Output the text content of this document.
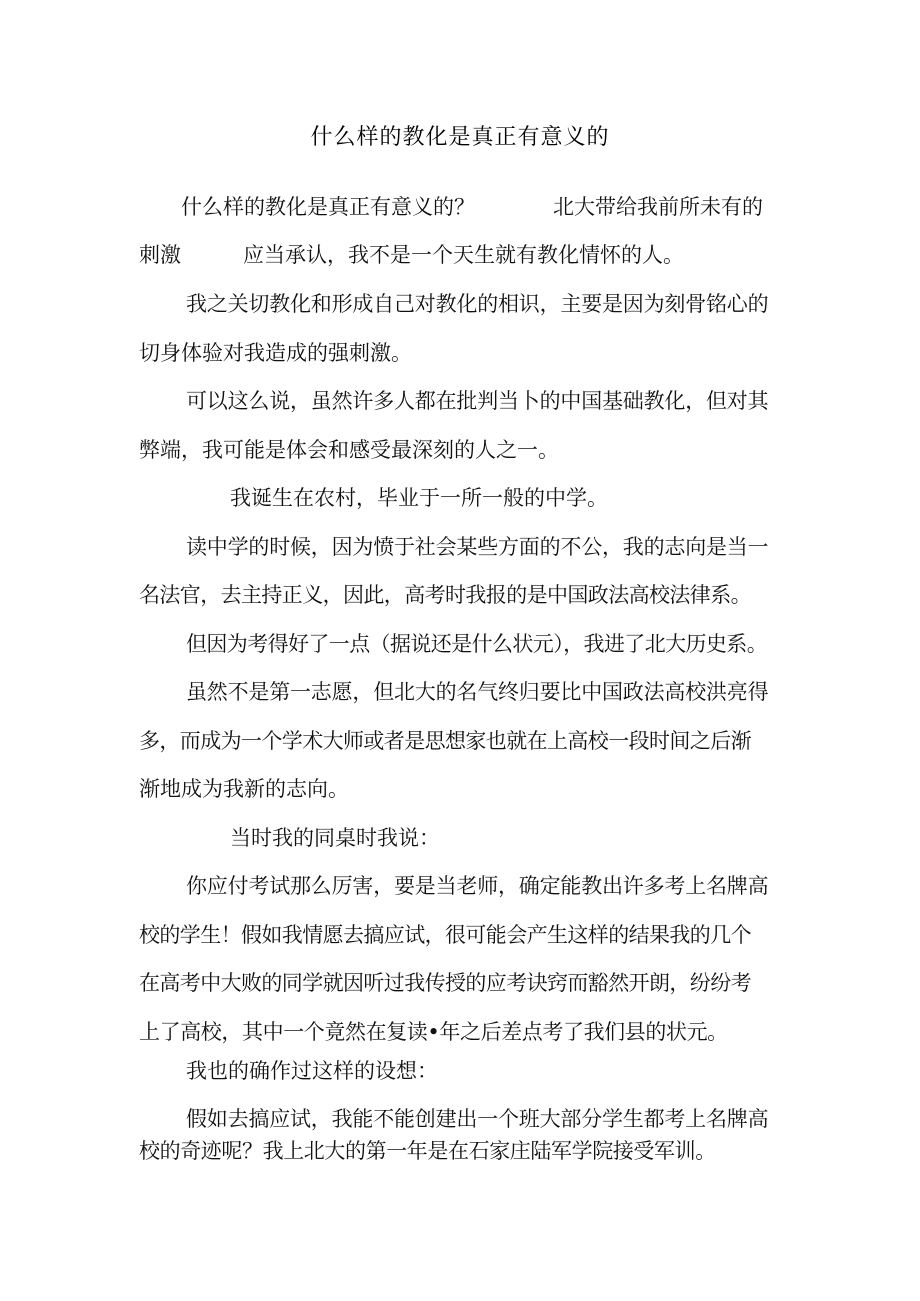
什么样的教化是真正有意义的
什么样的教化是真正有意义的？	北大带给我前所未有的
刺激	应当承认，我不是一个天生就有教化情怀的人。
我之关切教化和形成自己对教化的相识，主要是因为刻骨铭心的
切身体验对我造成的强刺激。
可以这么说，虽然许多人都在批判当卜的中国基础教化，但对其
弊端，我可能是体会和感受最深刻的人之一。
我诞生在农村，毕业于一所一般的中学。
读中学的时候，因为愤于社会某些方面的不公，我的志向是当一
名法官，去主持正义，因此，高考时我报的是中国政法高校法律系。
但因为考得好了一点（据说还是什么状元），我进了北大历史系。
虽然不是第一志愿，但北大的名气终归要比中国政法高校洪亮得
多，而成为一个学术大师或者是思想家也就在上高校一段时间之后渐
渐地成为我新的志向。
当时我的同桌时我说：
你应付考试那么厉害，要是当老师，确定能教出许多考上名牌高
校的学生！假如我情愿去搞应试，很可能会产生这样的结果我的几个
在高考中大败的同学就因听过我传授的应考诀窍而豁然开朗，纷纷考
上了高校，其中一个竟然在复读•年之后差点考了我们县的状元。
我也的确作过这样的设想：
假如去搞应试，我能不能创建出一个班大部分学生都考上名牌高
校的奇迹呢？我上北大的第一年是在石家庄陆军学院接受军训。
